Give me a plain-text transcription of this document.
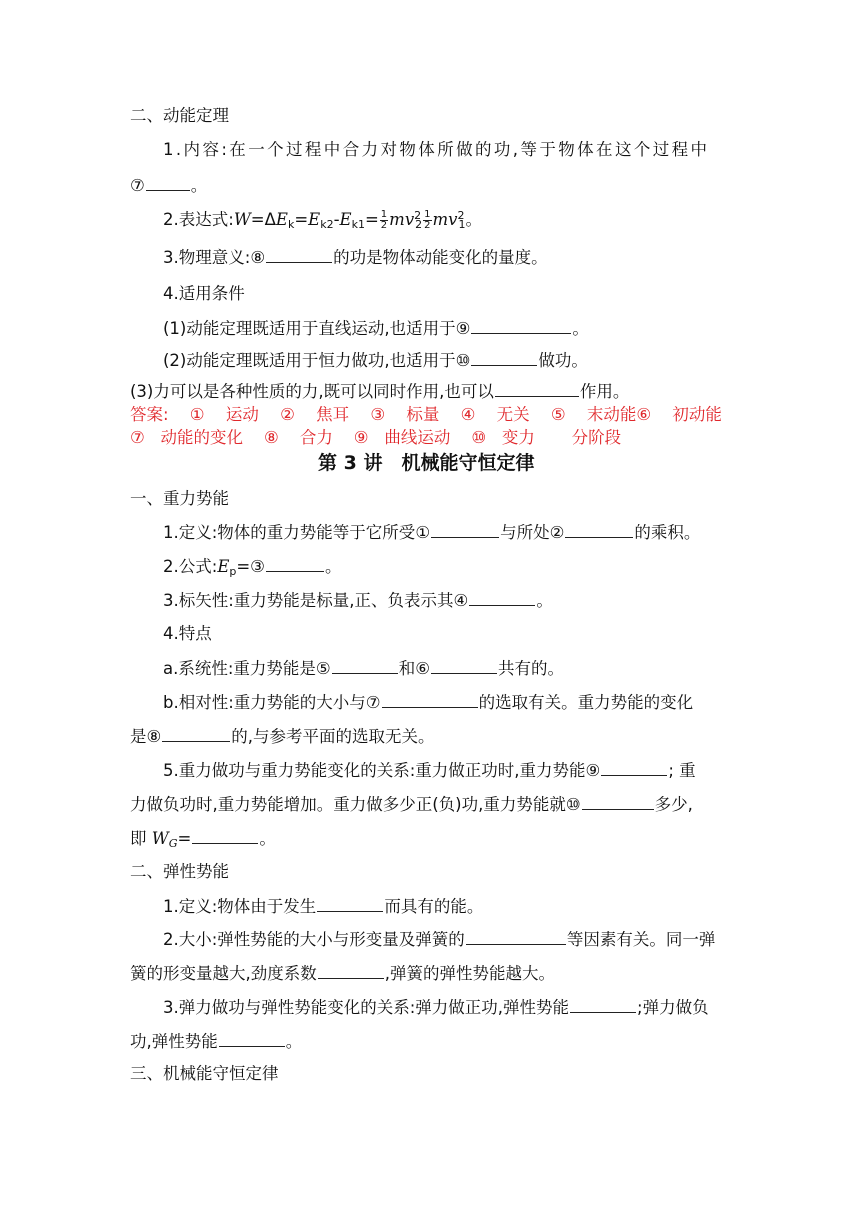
二、动能定理
1.内容:在一个过程中合力对物体所做的功,等于物体在这个过程中
⑦	。
2.表达式$:W=\Delta E_k=E_{k2}-E_{k1}= \frac{1}{2} mv^2_2 \frac{1}{2} mv^2_1$。
3.物理意义:⑧	的功是物体动能变化的量度。
4.适用条件
(1)动能定理既适用于直线运动,也适用于⑨	。
(2)动能定理既适用于恒力做功,也适用于⑩	做功。
(3)力可以是各种性质的力,既可以同时作用,也可以	作用。
答案: ① 运动 ② 焦耳 ③ 标量 ④ 无关 ⑤ 末动能⑥ 初动能
⑦ 动能的变化 ⑧ 合力 ⑨ 曲线运动 ⑩ 变力 分阶段
第 3 讲　机械能守恒定律
一、重力势能
1.定义:物体的重力势能等于它所受①	与所处②	的乘积。
2.公式$:E_p=③$	。
3.标矢性:重力势能是标量,正、负表示其④	。
4.特点
a.系统性:重力势能是⑤	和⑥	共有的。
b.相对性:重力势能的大小与⑦	的选取有关。重力势能的变化
是⑧	的,与参考平面的选取无关。
5.重力做功与重力势能变化的关系:重力做正功时,重力势能⑨	; 重
力做负功时,重力势能增加。重力做多少正(负)功,重力势能就⑩	多少,
即 $W_G=$	。
二、弹性势能
1.定义:物体由于发生	而具有的能。
2.大小:弹性势能的大小与形变量及弹簧的	等因素有关。同一弹
簧的形变量越大,劲度系数	,弹簧的弹性势能越大。
3.弹力做功与弹性势能变化的关系:弹力做正功,弹性势能	;弹力做负
功,弹性势能	。
三、机械能守恒定律
